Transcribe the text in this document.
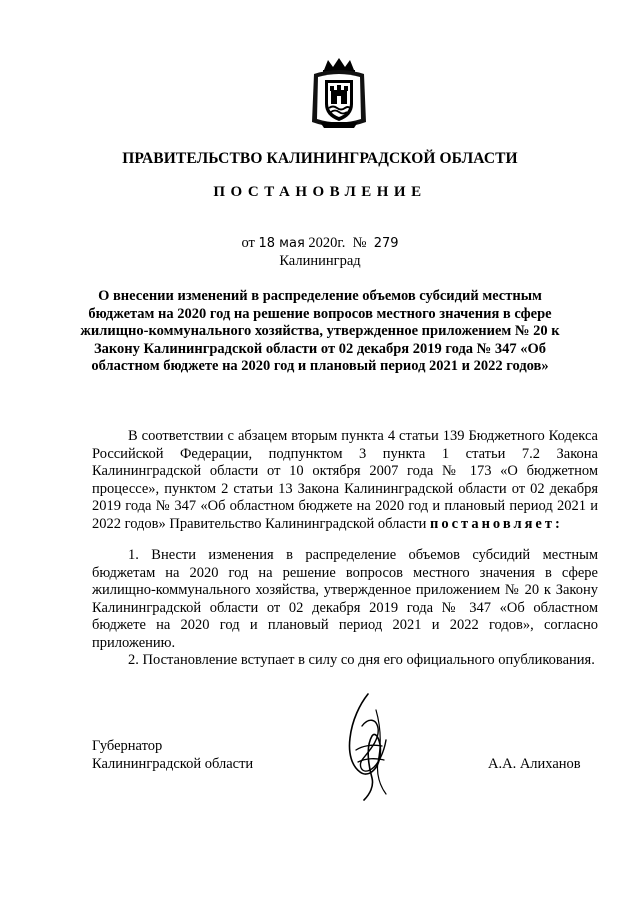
ПРАВИТЕЛЬСТВО КАЛИНИНГРАДСКОЙ ОБЛАСТИ
ПОСТАНОВЛЕНИЕ
от 18 мая 2020г. № 279
Калининград
О внесении изменений в распределение объемов субсидий местным бюджетам на 2020 год на решение вопросов местного значения в сфере жилищно-коммунального хозяйства, утвержденное приложением № 20 к Закону Калининградской области от 02 декабря 2019 года № 347 «Об областном бюджете на 2020 год и плановый период 2021 и 2022 годов»
В соответствии с абзацем вторым пункта 4 статьи 139 Бюджетного Кодекса Российской Федерации, подпунктом 3 пункта 1 статьи 7.2 Закона Калининградской области от 10 октября 2007 года № 173 «О бюджетном процессе», пунктом 2 статьи 13 Закона Калининградской области от 02 декабря 2019 года № 347 «Об областном бюджете на 2020 год и плановый период 2021 и 2022 годов» Правительство Калининградской области постановляет:
1. Внести изменения в распределение объемов субсидий местным бюджетам на 2020 год на решение вопросов местного значения в сфере жилищно-коммунального хозяйства, утвержденное приложением № 20 к Закону Калининградской области от 02 декабря 2019 года № 347 «Об областном бюджете на 2020 год и плановый период 2021 и 2022 годов», согласно приложению.
2. Постановление вступает в силу со дня его официального опубликования.
Губернатор
Калининградской области	А.А. Алиханов
